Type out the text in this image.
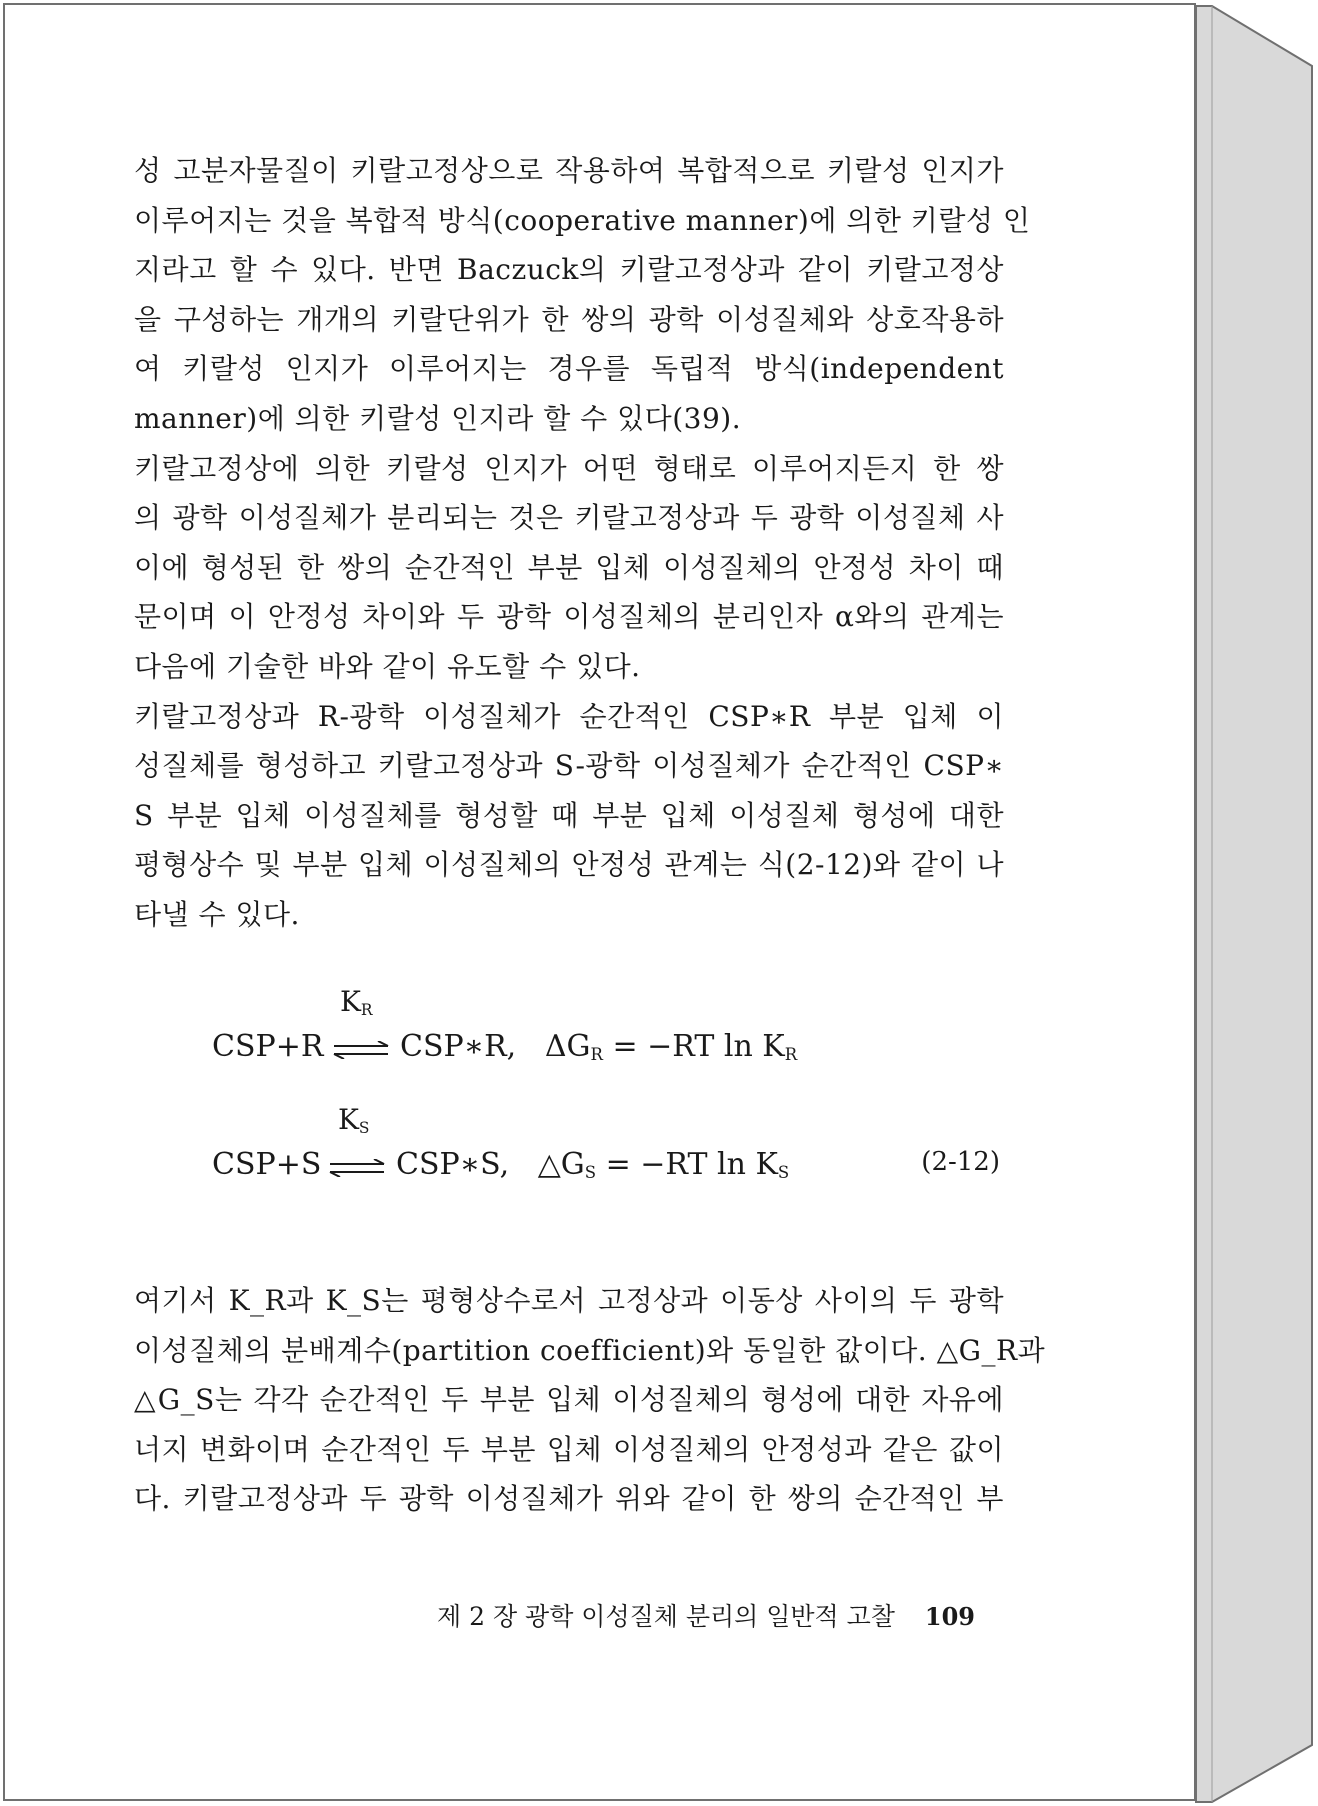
성 고분자물질이 키랄고정상으로 작용하여 복합적으로 키랄성 인지가
이루어지는 것을 복합적 방식(cooperative manner)에 의한 키랄성 인
지라고 할 수 있다. 반면 Baczuck의 키랄고정상과 같이 키랄고정상
을 구성하는 개개의 키랄단위가 한 쌍의 광학 이성질체와 상호작용하
여 키랄성 인지가 이루어지는 경우를 독립적 방식(independent
manner)에 의한 키랄성 인지라 할 수 있다(39).
키랄고정상에 의한 키랄성 인지가 어떤 형태로 이루어지든지 한 쌍
의 광학 이성질체가 분리되는 것은 키랄고정상과 두 광학 이성질체 사
이에 형성된 한 쌍의 순간적인 부분 입체 이성질체의 안정성 차이 때
문이며 이 안정성 차이와 두 광학 이성질체의 분리인자 α와의 관계는
다음에 기술한 바와 같이 유도할 수 있다.
키랄고정상과 R-광학 이성질체가 순간적인 CSP∗R 부분 입체 이
성질체를 형성하고 키랄고정상과 S-광학 이성질체가 순간적인 CSP∗
S 부분 입체 이성질체를 형성할 때 부분 입체 이성질체 형성에 대한
평형상수 및 부분 입체 이성질체의 안정성 관계는 식(2-12)와 같이 나
타낼 수 있다.
$K_R$
CSP+R ⇌ CSP∗R, $\Delta G_R = -RT$ $\ln K_R$
$K_S$
CSP+S ⇌ CSP∗S, $\triangle G_S = -RT$ $\ln K_S$	(2-12)
여기서 K_R과 K_S는 평형상수로서 고정상과 이동상 사이의 두 광학
이성질체의 분배계수(partition coefficient)와 동일한 값이다. △G_R과
△G_S는 각각 순간적인 두 부분 입체 이성질체의 형성에 대한 자유에
너지 변화이며 순간적인 두 부분 입체 이성질체의 안정성과 같은 값이
다. 키랄고정상과 두 광학 이성질체가 위와 같이 한 쌍의 순간적인 부
제 2 장 광학 이성질체 분리의 일반적 고찰 109
